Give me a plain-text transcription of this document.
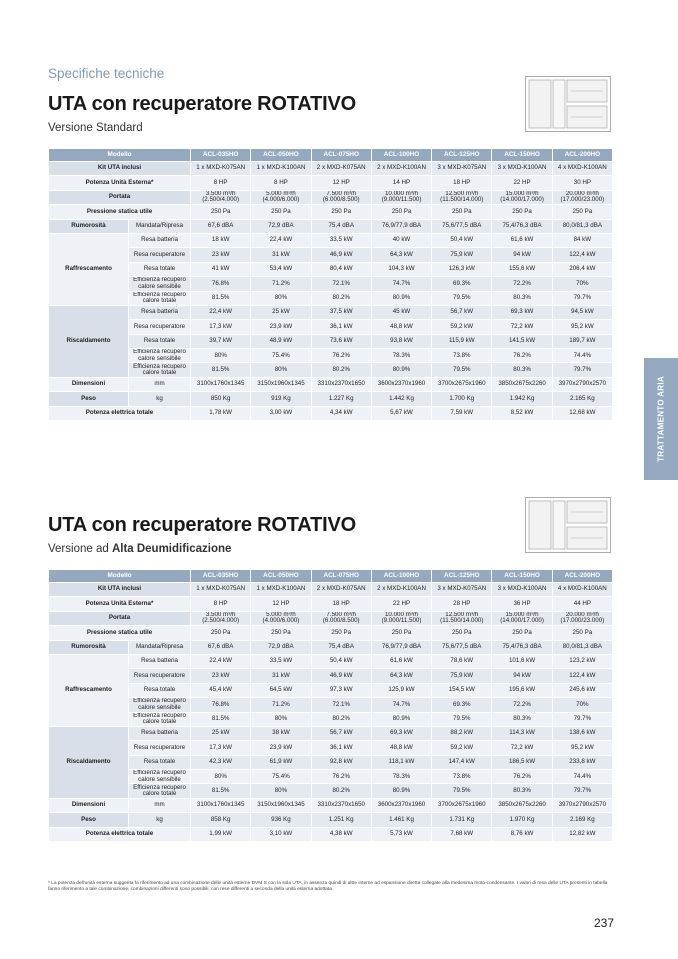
Specifiche tecniche
UTA con recuperatore ROTATIVO
Versione Standard
Modello		ACL-035HO	ACL-050HO	ACL-075HO	ACL-100HO	ACL-125HO	ACL-150HO	ACL-200HO
Kit UTA inclusi		1 x MXD-K075AN	1 x MXD-K100AN	2 x MXD-K075AN	2 x MXD-K100AN	3 x MXD-K075AN	3 x MXD-K100AN	4 x MXD-K100AN
Potenza Unità Esterna*		8 HP	8 HP	12 HP	14 HP	18 HP	22 HP	30 HP
Portata		3.500 m³/h (2.500/4.000)	5.000 m³/h (4.000/6.000)	7.500 m³/h (6.000/8.500)	10.000 m³/h (9.000/11.500)	12.500 m³/h (11.500/14.000)	15.000 m³/h (14.000/17.000)	20.000 m³/h (17.000/23.000)
Pressione statica utile		250 Pa	250 Pa	250 Pa	250 Pa	250 Pa	250 Pa	250 Pa
Rumorosità	Mandata/Ripresa	67,6 dBA	72,9 dBA	75,4 dBA	76,9/77,9 dBA	75,6/77,5 dBA	75,4/76,3 dBA	80,0/81,3 dBA
Raffrescamento	Resa batteria	18 kW	22,4 kW	33,5 kW	40 kW	50,4 kW	61,6 kW	84 kW
	Resa recuperatore	23 kW	31 kW	46,9 kW	64,3 kW	75,9 kW	94 kW	122,4 kW
	Resa totale	41 kW	53,4 kW	80,4 kW	104,3 kW	126,3 kW	155,6 kW	206,4 kW
	Efficienza recupero calore sensibile	76.8%	71.2%	72.1%	74.7%	69.3%	72.2%	70%
	Efficienza recupero calore totale	81.5%	80%	80.2%	80.9%	79.5%	80.3%	79.7%
Riscaldamento	Resa batteria	22,4 kW	25 kW	37,5 kW	45 kW	56,7 kW	69,3 kW	94,5 kW
	Resa recuperatore	17,3 kW	23,9 kW	36,1 kW	48,8 kW	59,2 kW	72,2 kW	95,2 kW
	Resa totale	39,7 kW	48,9 kW	73,6 kW	93,8 kW	115,9 kW	141,5 kW	189,7 kW
	Efficienza recupero calore sensibile	80%	75.4%	76.2%	78.3%	73.8%	76.2%	74.4%
	Efficienza recupero calore totale	81.5%	80%	80.2%	80.9%	79.5%	80.3%	79.7%
Dimensioni	mm	3100x1760x1345	3150x1960x1345	3310x2370x1650	3600x2370x1960	3700x2675x1960	3850x2675x2260	3970x2790x2570
Peso	kg	850 Kg	919 Kg	1.227 Kg	1.442 Kg	1.700 Kg	1.942 Kg	2.165 Kg
Potenza elettrica totale		1,78 kW	3,00 kW	4,34 kW	5,67 kW	7,59 kW	8,52 kW	12,68 kW
UTA con recuperatore ROTATIVO
Versione ad Alta Deumidificazione
Modello		ACL-035HO	ACL-050HO	ACL-075HO	ACL-100HO	ACL-125HO	ACL-150HO	ACL-200HO
Kit UTA inclusi		1 x MXD-K075AN	1 x MXD-K100AN	2 x MXD-K075AN	2 x MXD-K100AN	3 x MXD-K075AN	3 x MXD-K100AN	4 x MXD-K100AN
Potenza Unità Esterna*		8 HP	12 HP	18 HP	22 HP	28 HP	36 HP	44 HP
Portata		3.500 m³/h (2.500/4.000)	5.000 m³/h (4.000/6.000)	7.500 m³/h (6.000/8.500)	10.000 m³/h (9.000/11.500)	12.500 m³/h (11.500/14.000)	15.000 m³/h (14.000/17.000)	20.000 m³/h (17.000/23.000)
Pressione statica utile		250 Pa	250 Pa	250 Pa	250 Pa	250 Pa	250 Pa	250 Pa
Rumorosità	Mandata/Ripresa	67,6 dBA	72,9 dBA	75,4 dBA	76,9/77,9 dBA	75,6/77,5 dBA	75,4/76,3 dBA	80,0/81,3 dBA
Raffrescamento	Resa batteria	22,4 kW	33,5 kW	50,4 kW	61,6 kW	78,6 kW	101,6 kW	123,2 kW
	Resa recuperatore	23 kW	31 kW	46,9 kW	64,3 kW	75,9 kW	94 kW	122,4 kW
	Resa totale	45,4 kW	64,5 kW	97,3 kW	125,9 kW	154,5 kW	195,6 kW	245,6 kW
	Efficienza recupero calore sensibile	76.8%	71.2%	72.1%	74.7%	69.3%	72.2%	70%
	Efficienza recupero calore totale	81.5%	80%	80.2%	80.9%	79.5%	80.3%	79.7%
Riscaldamento	Resa batteria	25 kW	38 kW	56,7 kW	69,3 kW	88,2 kW	114,3 kW	138,6 kW
	Resa recuperatore	17,3 kW	23,9 kW	36,1 kW	48,8 kW	59,2 kW	72,2 kW	95,2 kW
	Resa totale	42,3 kW	61,9 kW	92,8 kW	118,1 kW	147,4 kW	186,5 kW	233,8 kW
	Efficienza recupero calore sensibile	80%	75.4%	76.2%	78.3%	73.8%	76.2%	74.4%
	Efficienza recupero calore totale	81.5%	80%	80.2%	80.9%	79.5%	80.3%	79.7%
Dimensioni	mm	3100x1760x1345	3150x1960x1345	3310x2370x1650	3600x2370x1960	3700x2675x1960	3850x2675x2260	3970x2790x2570
Peso	kg	858 Kg	936 Kg	1.251 Kg	1.461 Kg	1.731 Kg	1.970 Kg	2.169 Kg
Potenza elettrica totale		1,99 kW	3,10 kW	4,38 kW	5,73 kW	7,68 kW	8,76 kW	12,82 kW
TRATTAMENTO ARIA
* La potenza dell'unità esterna suggerita fa riferimento ad una combinazione delle unità esterne DVM S con la sola UTA, in assenza quindi di altre interne ad espansione diretta collegate alla medesima moto-condensante. I valori di resa delle UTA presenti in tabella fanno riferimento a tale combinazione, combinazioni differenti sono possibili, con rese differenti a seconda della unità esterna adottata.
237
